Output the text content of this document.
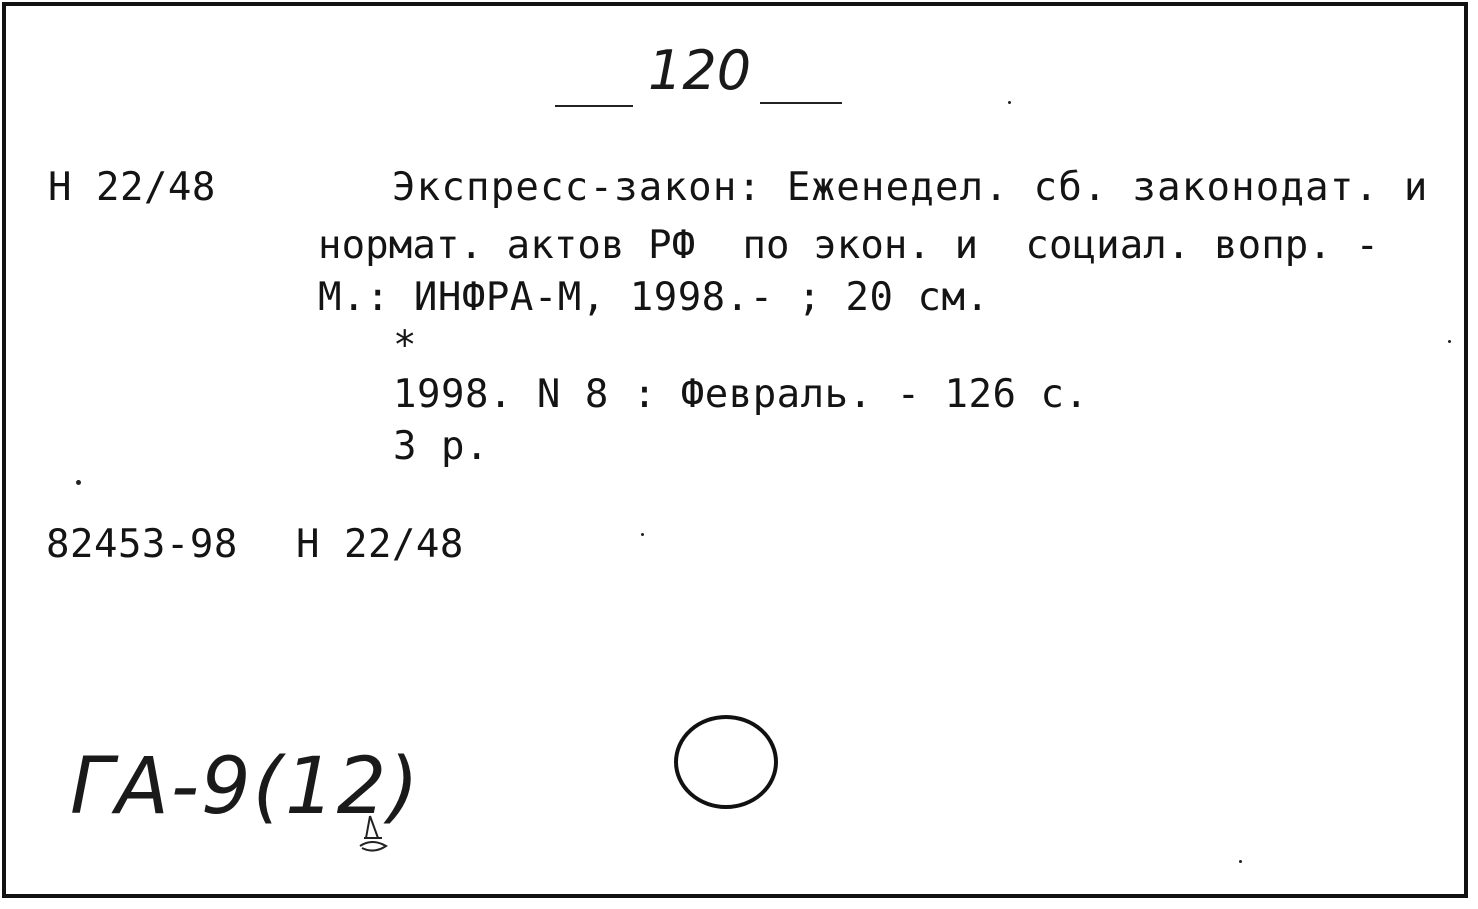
120
Н 22/48	Экспресс-закон: Еженедел. сб. законодат. и
нормат. актов РФ  по экон. и  социал. вопр. -
М.: ИНФРА-М, 1998.- ; 20 см.
*
1998. N 8 : Февраль. - 126 с.
3 р.
82453-98 Н 22/48
ГА-9(12)
